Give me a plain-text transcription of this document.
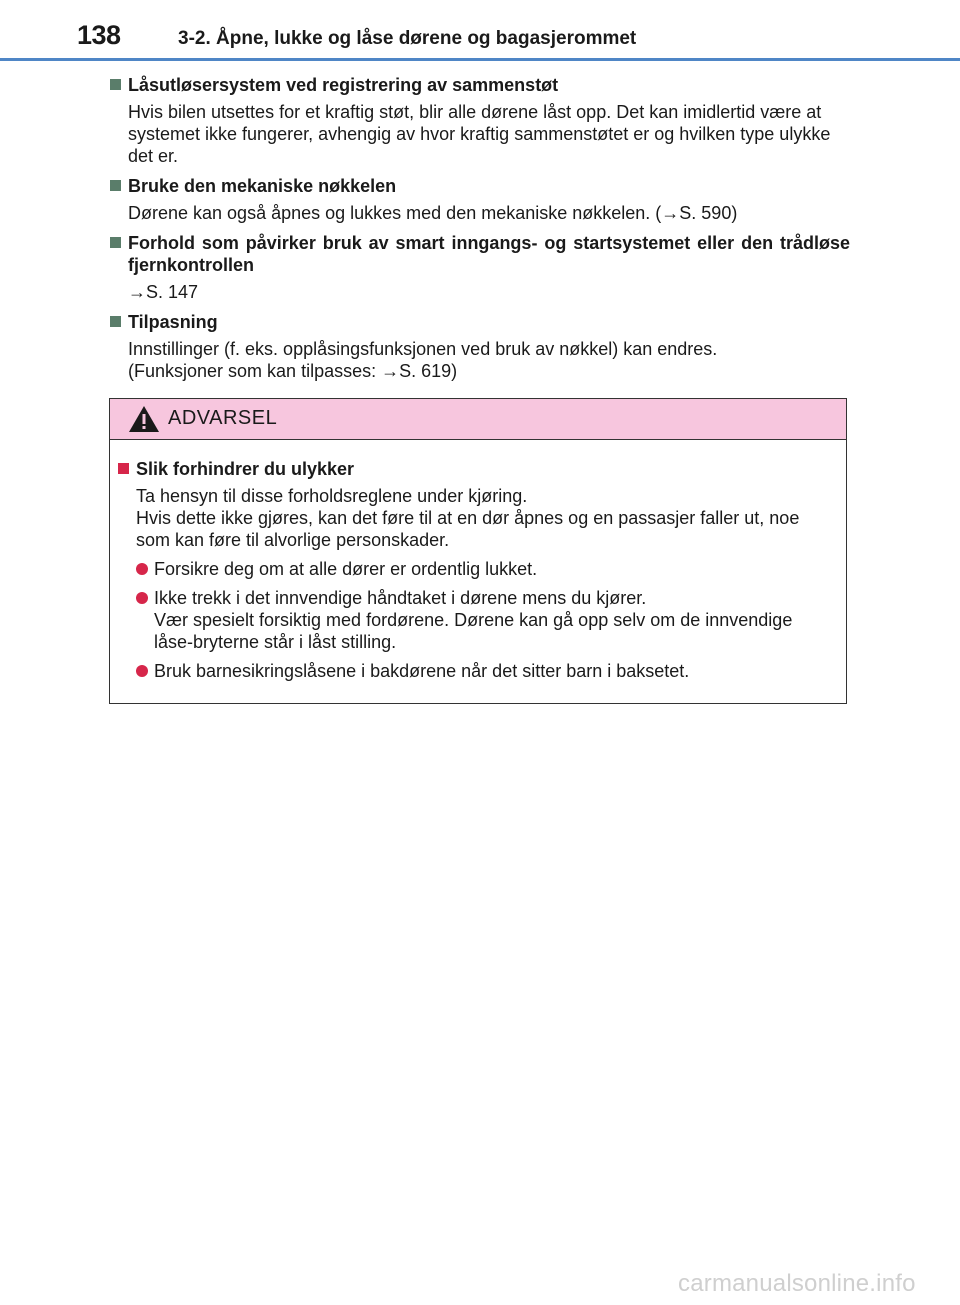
138	3-2. Åpne, lukke og låse dørene og bagasjerommet
Låsutløsersystem ved registrering av sammenstøt
Hvis bilen utsettes for et kraftig støt, blir alle dørene låst opp. Det kan imidlertid være at systemet ikke fungerer, avhengig av hvor kraftig sammenstøtet er og hvilken type ulykke det er.
Bruke den mekaniske nøkkelen
Dørene kan også åpnes og lukkes med den mekaniske nøkkelen. (→S. 590)
Forhold som påvirker bruk av smart inngangs- og startsystemet eller den trådløse fjernkontrollen
→S. 147
Tilpasning
Innstillinger (f. eks. opplåsingsfunksjonen ved bruk av nøkkel) kan endres.
(Funksjoner som kan tilpasses: →S. 619)
ADVARSEL
Slik forhindrer du ulykker
Ta hensyn til disse forholdsreglene under kjøring.
Hvis dette ikke gjøres, kan det føre til at en dør åpnes og en passasjer faller ut, noe som kan føre til alvorlige personskader.
Forsikre deg om at alle dører er ordentlig lukket.
Ikke trekk i det innvendige håndtaket i dørene mens du kjører.
Vær spesielt forsiktig med fordørene. Dørene kan gå opp selv om de innvendige låse-bryterne står i låst stilling.
Bruk barnesikringslåsene i bakdørene når det sitter barn i baksetet.
carmanualsonline.info
